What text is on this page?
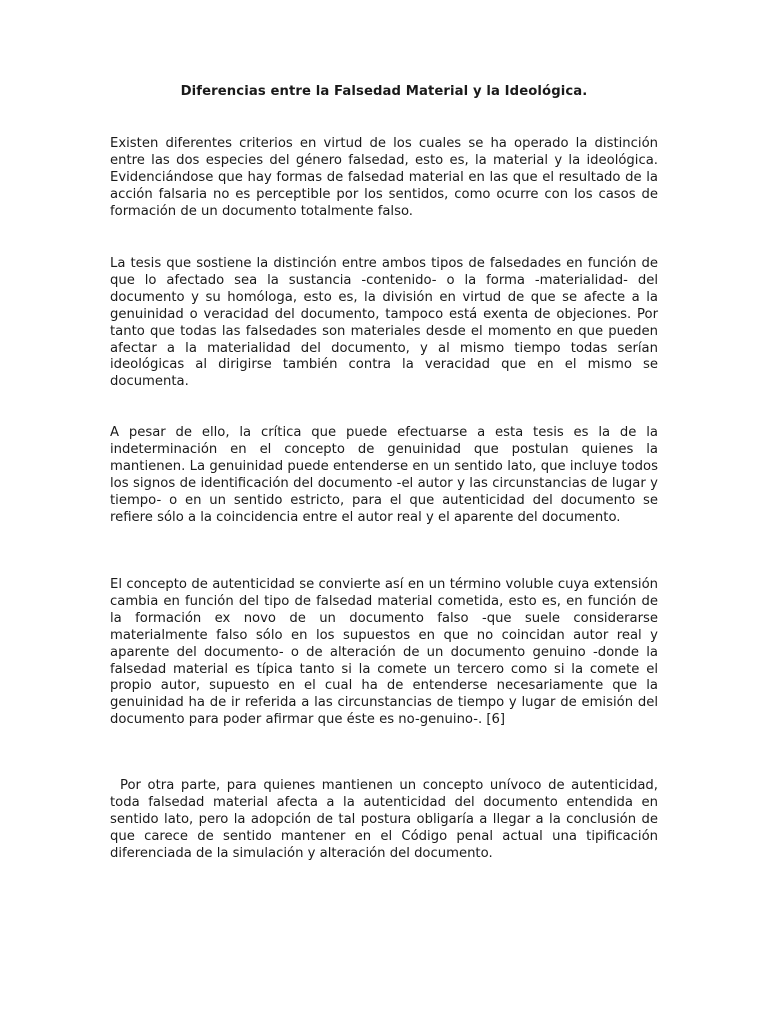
Diferencias entre la Falsedad Material y la Ideológica.

Existen diferentes criterios en virtud de los cuales se ha operado la distinción entre las dos especies del género falsedad, esto es, la material y la ideológica. Evidenciándose que hay formas de falsedad material en las que el resultado de la acción falsaria no es perceptible por los sentidos, como ocurre con los casos de formación de un documento totalmente falso.

La tesis que sostiene la distinción entre ambos tipos de falsedades en función de que lo afectado sea la sustancia -contenido- o la forma -materialidad- del documento y su homóloga, esto es, la división en virtud de que se afecte a la genuinidad o veracidad del documento, tampoco está exenta de objeciones. Por tanto que todas las falsedades son materiales desde el momento en que pueden afectar a la materialidad del documento, y al mismo tiempo todas serían ideológicas al dirigirse también contra la veracidad que en el mismo se documenta.

A pesar de ello, la crítica que puede efectuarse a esta tesis es la de la indeterminación en el concepto de genuinidad que postulan quienes la mantienen. La genuinidad puede entenderse en un sentido lato, que incluye todos los signos de identificación del documento -el autor y las circunstancias de lugar y tiempo- o en un sentido estricto, para el que autenticidad del documento se refiere sólo a la coincidencia entre el autor real y el aparente del documento.

El concepto de autenticidad se convierte así en un término voluble cuya extensión cambia en función del tipo de falsedad material cometida, esto es, en función de la formación ex novo de un documento falso -que suele considerarse materialmente falso sólo en los supuestos en que no coincidan autor real y aparente del documento- o de alteración de un documento genuino -donde la falsedad material es típica tanto si la comete un tercero como si la comete el propio autor, supuesto en el cual ha de entenderse necesariamente que la genuinidad ha de ir referida a las circunstancias de tiempo y lugar de emisión del documento para poder afirmar que éste es no-genuino-. [6]

Por otra parte, para quienes mantienen un concepto unívoco de autenticidad, toda falsedad material afecta a la autenticidad del documento entendida en sentido lato, pero la adopción de tal postura obligaría a llegar a la conclusión de que carece de sentido mantener en el Código penal actual una tipificación diferenciada de la simulación y alteración del documento.
